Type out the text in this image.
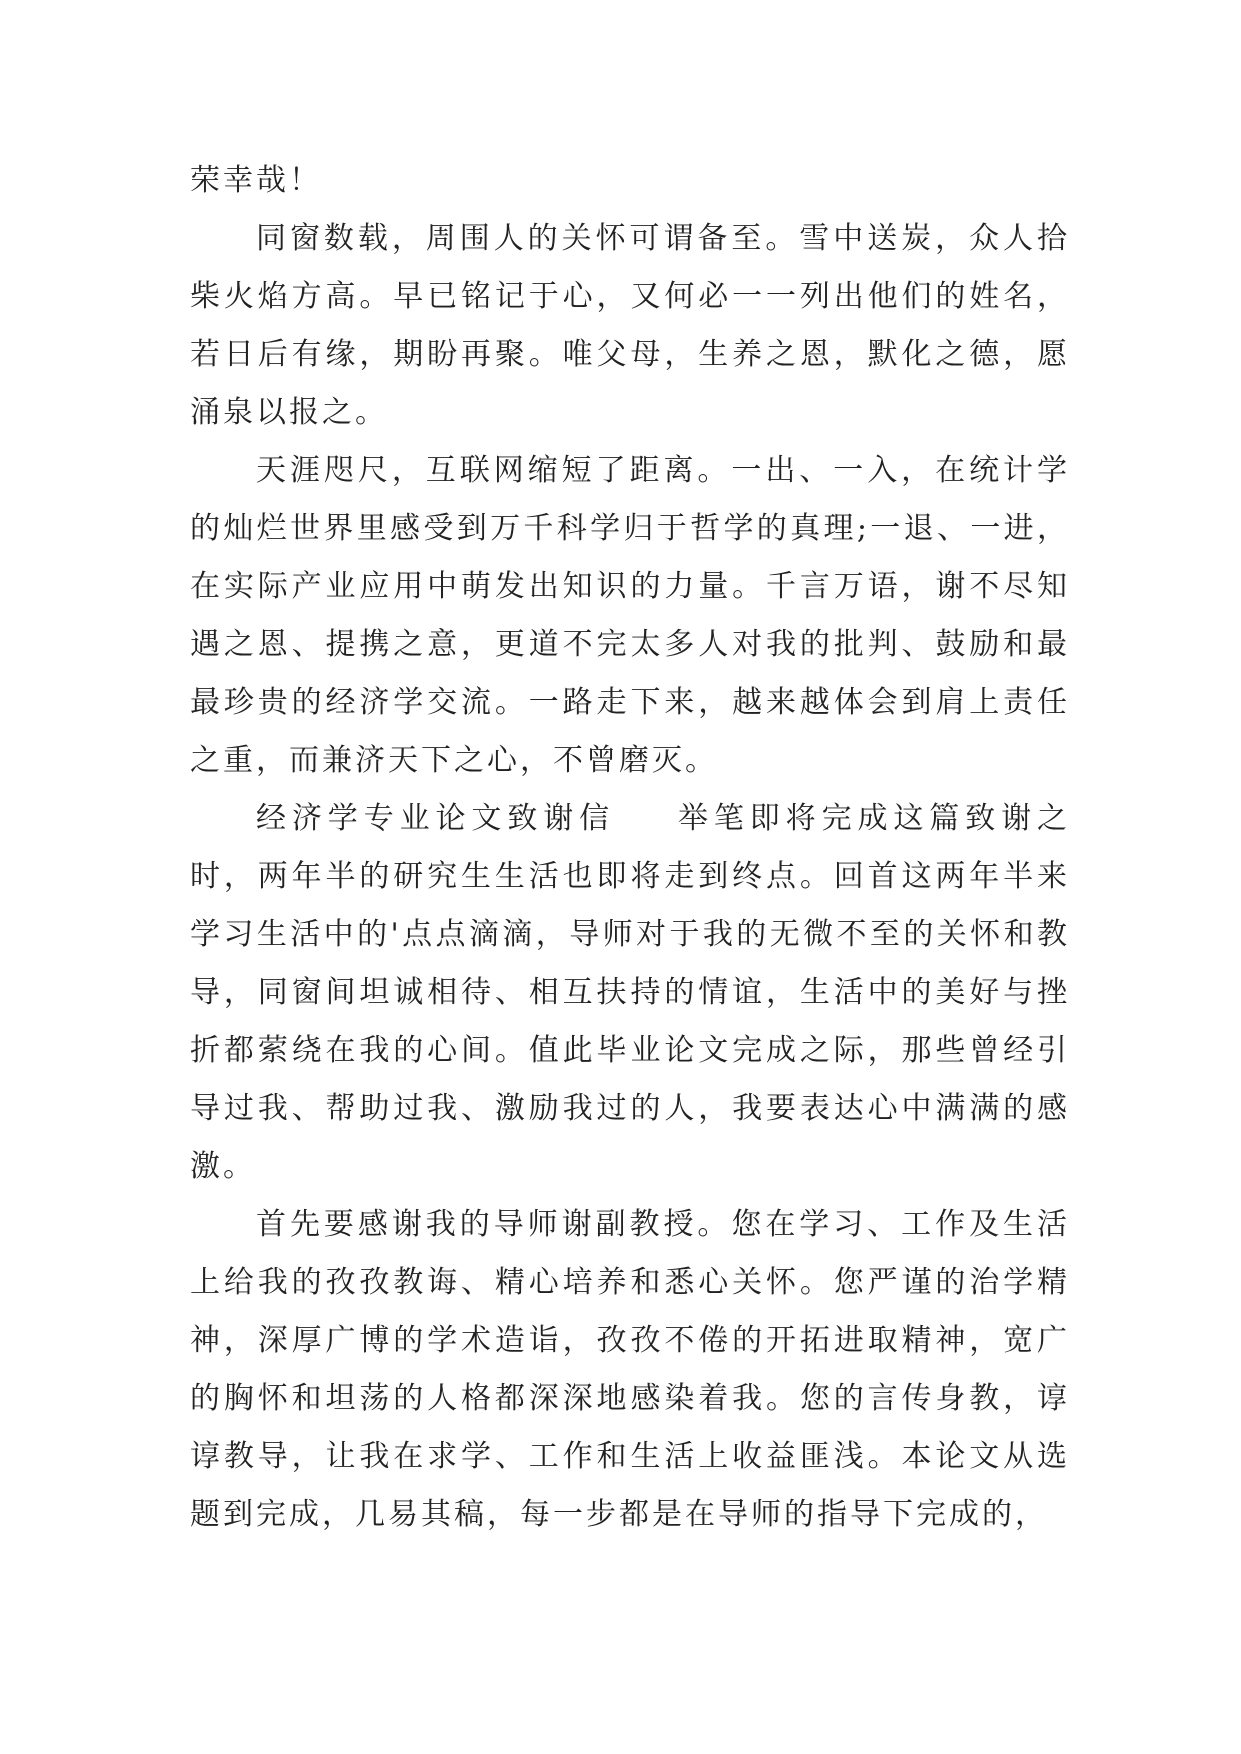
荣幸哉！

同窗数载，周围人的关怀可谓备至。雪中送炭，众人拾柴火焰方高。早已铭记于心，又何必一一列出他们的姓名，若日后有缘，期盼再聚。唯父母，生养之恩，默化之德，愿涌泉以报之。

天涯咫尺，互联网缩短了距离。一出、一入，在统计学的灿烂世界里感受到万千科学归于哲学的真理;一退、一进，在实际产业应用中萌发出知识的力量。千言万语，谢不尽知遇之恩、提携之意，更道不完太多人对我的批判、鼓励和最最珍贵的经济学交流。一路走下来，越来越体会到肩上责任之重，而兼济天下之心，不曾磨灭。

经济学专业论文致谢信 举笔即将完成这篇致谢之时，两年半的研究生生活也即将走到终点。回首这两年半来学习生活中的'点点滴滴，导师对于我的无微不至的关怀和教导，同窗间坦诚相待、相互扶持的情谊，生活中的美好与挫折都萦绕在我的心间。值此毕业论文完成之际，那些曾经引导过我、帮助过我、激励我过的人，我要表达心中满满的感激。

首先要感谢我的导师谢副教授。您在学习、工作及生活上给我的孜孜教诲、精心培养和悉心关怀。您严谨的治学精神，深厚广博的学术造诣，孜孜不倦的开拓进取精神，宽广的胸怀和坦荡的人格都深深地感染着我。您的言传身教，谆谆教导，让我在求学、工作和生活上收益匪浅。本论文从选题到完成，几易其稿，每一步都是在导师的指导下完成的，
